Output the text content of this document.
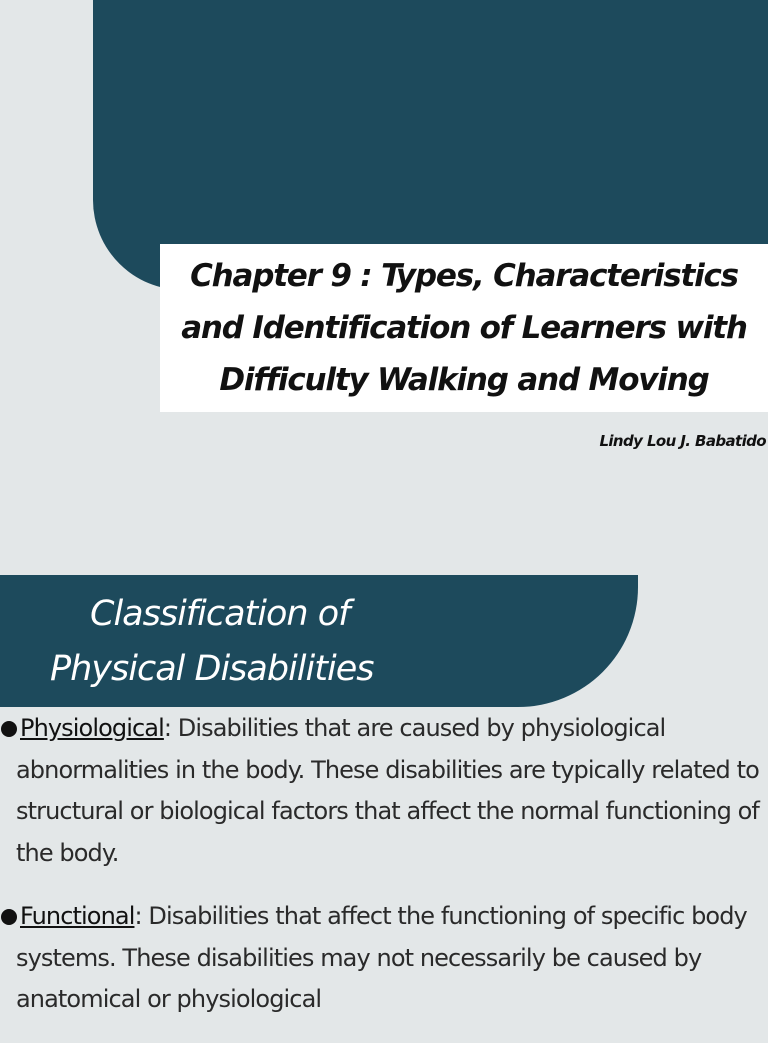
Chapter 9 : Types, Characteristics and Identification of Learners with Difficulty Walking and Moving
Lindy Lou J. Babatido
Classification of
Physical Disabilities
Physiological: Disabilities that are caused by physiological abnormalities in the body. These disabilities are typically related to structural or biological factors that affect the normal functioning of the body.
Functional: Disabilities that affect the functioning of specific body systems. These disabilities may not necessarily be caused by anatomical or physiological
